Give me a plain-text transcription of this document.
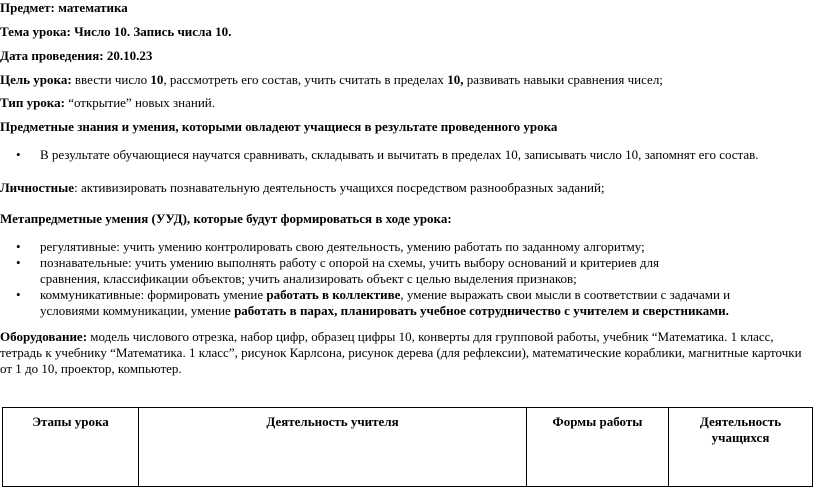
Предмет: математика
Тема урока: Число 10. Запись числа 10.
Дата проведения: 20.10.23
Цель урока: ввести число 10, рассмотреть его состав, учить считать в пределах 10, развивать навыки сравнения чисел;
Тип урока: “открытие” новых знаний.
Предметные знания и умения, которыми овладеют учащиеся в результате проведенного урока
• В результате обучающиеся научатся сравнивать, складывать и вычитать в пределах 10, записывать число 10, запомнят его состав.
Личностные: активизировать познавательную деятельность учащихся посредством разнообразных заданий;
Метапредметные умения (УУД), которые будут формироваться в ходе урока:
• регулятивные: учить умению контролировать свою деятельность, умению работать по заданному алгоритму;
• познавательные: учить умению выполнять работу с опорой на схемы, учить выбору оснований и критериев для сравнения, классификации объектов; учить анализировать объект с целью выделения признаков;
• коммуникативные: формировать умение работать в коллективе, умение выражать свои мысли в соответствии с задачами и условиями коммуникации, умение работать в парах, планировать учебное сотрудничество с учителем и сверстниками.
Оборудование: модель числового отрезка, набор цифр, образец цифры 10, конверты для групповой работы, учебник “Математика. 1 класс, тетрадь к учебнику “Математика. 1 класс”, рисунок Карлсона, рисунок дерева (для рефлексии), математические кораблики, магнитные карточки от 1 до 10, проектор, компьютер.
Этапы урока	Деятельность учителя	Формы работы	Деятельность учащихся
